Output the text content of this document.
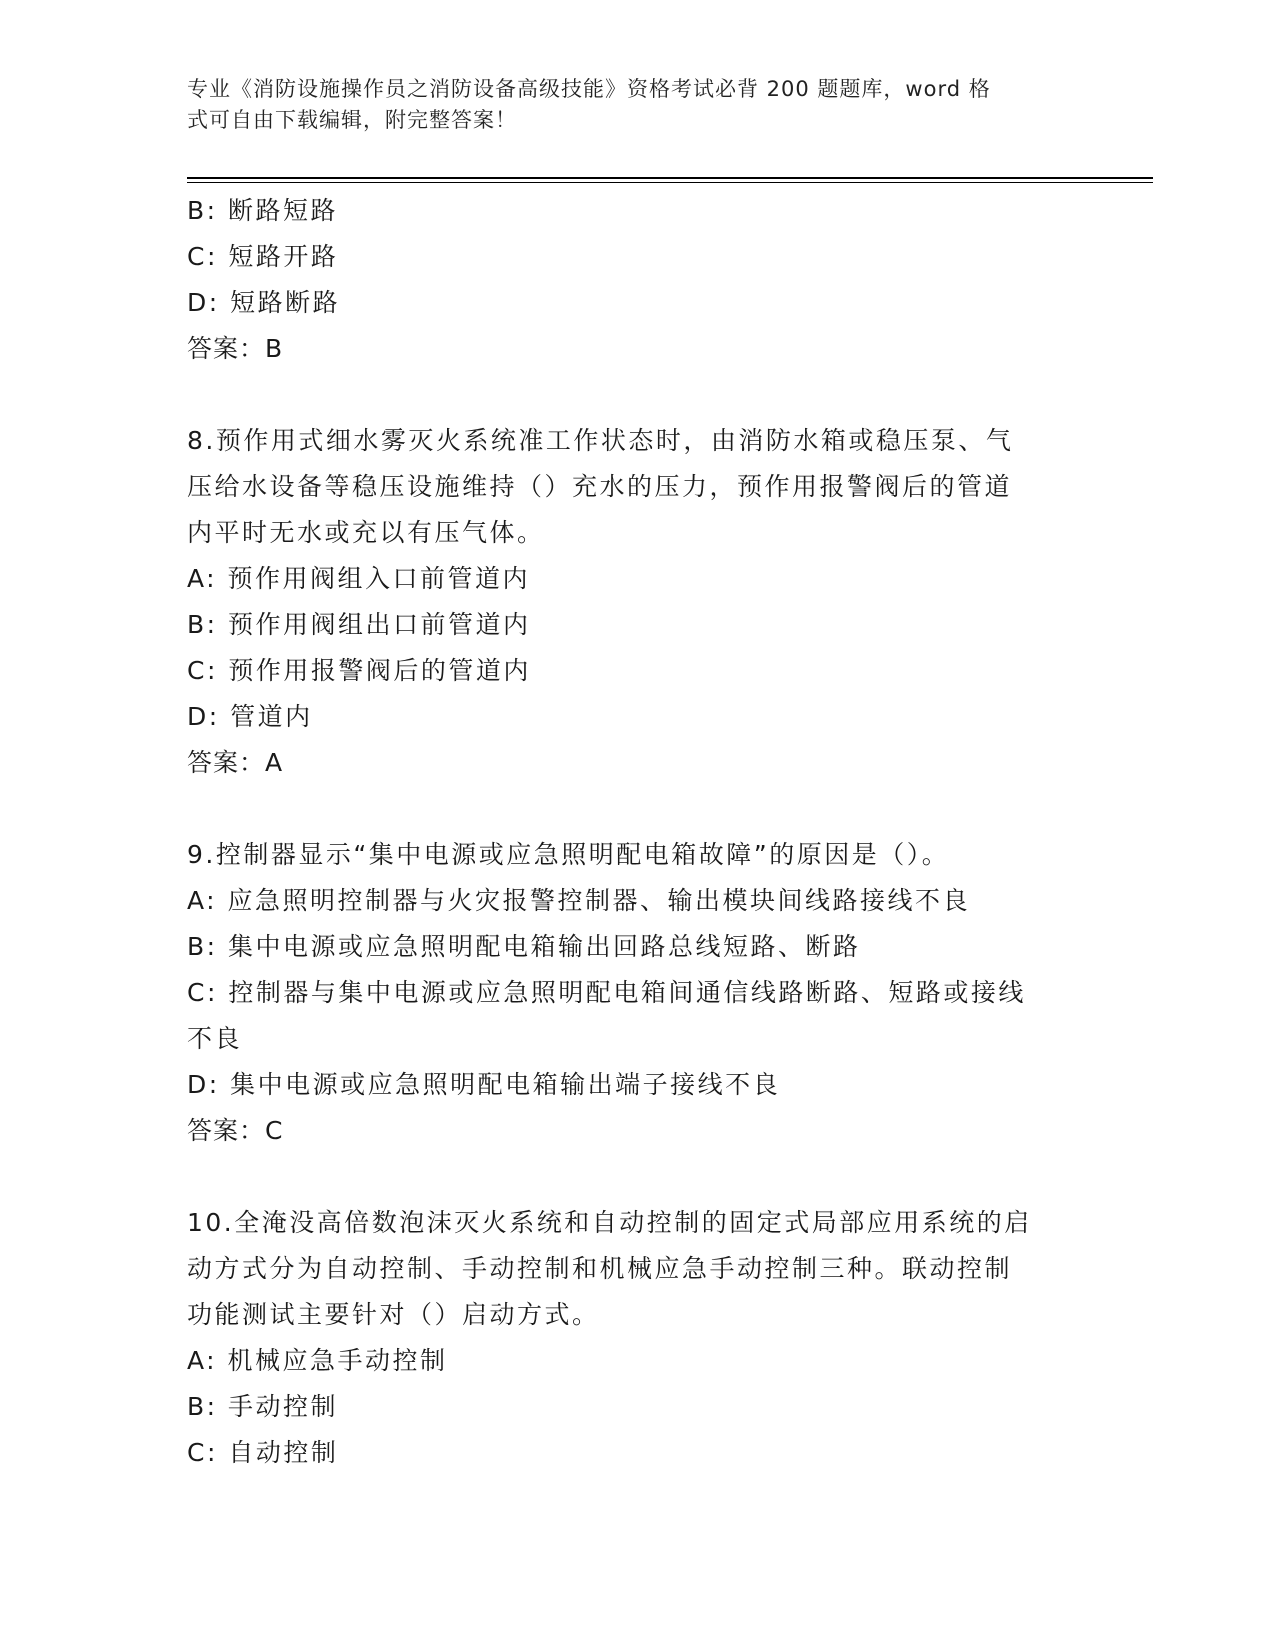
专业《消防设施操作员之消防设备高级技能》资格考试必背 200 题题库，word 格
式可自由下载编辑，附完整答案！

B: 断路短路

C: 短路开路

D: 短路断路

答案：B

8.预作用式细水雾灭火系统准工作状态时，由消防水箱或稳压泵、气

压给水设备等稳压设施维持（）充水的压力，预作用报警阀后的管道

内平时无水或充以有压气体。

A: 预作用阀组入口前管道内

B: 预作用阀组出口前管道内

C: 预作用报警阀后的管道内

D: 管道内

答案：A

9.控制器显示“集中电源或应急照明配电箱故障”的原因是（）。

A: 应急照明控制器与火灾报警控制器、输出模块间线路接线不良

B: 集中电源或应急照明配电箱输出回路总线短路、断路

C: 控制器与集中电源或应急照明配电箱间通信线路断路、短路或接线

不良

D: 集中电源或应急照明配电箱输出端子接线不良

答案：C

10.全淹没高倍数泡沫灭火系统和自动控制的固定式局部应用系统的启

动方式分为自动控制、手动控制和机械应急手动控制三种。联动控制

功能测试主要针对（）启动方式。

A: 机械应急手动控制

B: 手动控制

C: 自动控制
